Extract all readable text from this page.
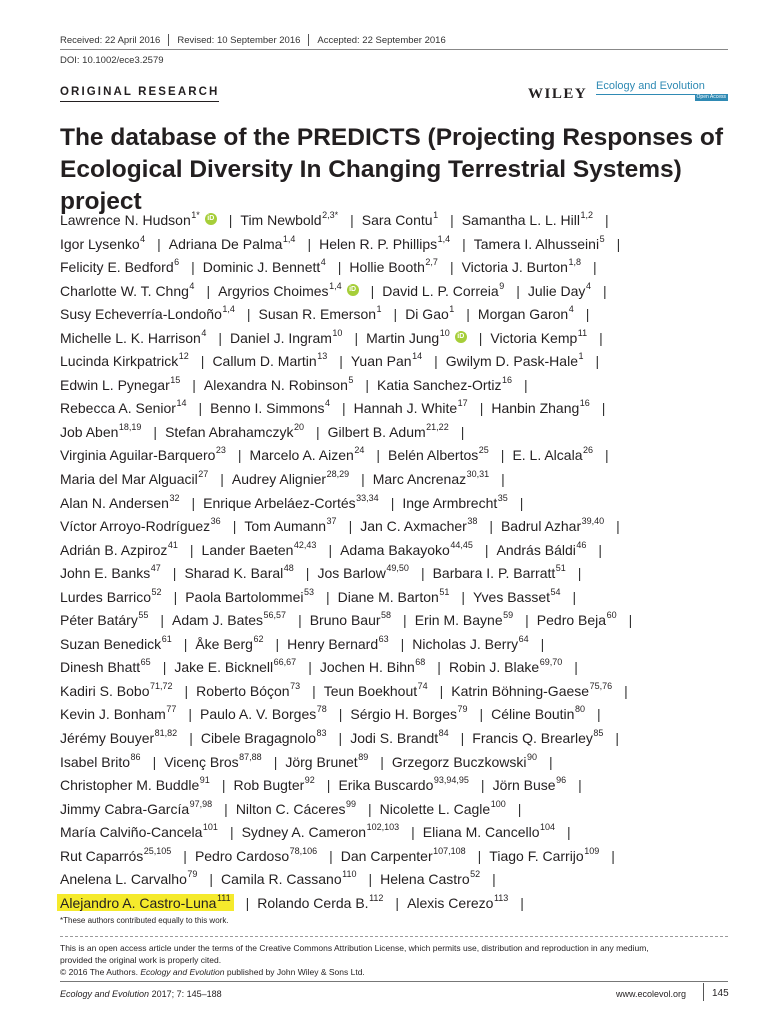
Received: 22 April 2016	Revised: 10 September 2016	Accepted: 22 September 2016
DOI: 10.1002/ece3.2579
ORIGINAL RESEARCH	WILEY Ecology and Evolution
Open Access
The database of the PREDICTS (Projecting Responses of Ecological Diversity In Changing Terrestrial Systems) project
Lawrence N. Hudson$^{1*}$ iD | Tim Newbold$^{2,3*}$ | Sara Contu$^1$ | Samantha L. L. Hill$^{1,2}$ |
Igor Lysenko$^4$ | Adriana De Palma$^{1,4}$ | Helen R. P. Phillips$^{1,4}$ | Tamera I. Alhusseini$^5$ |
Felicity E. Bedford$^6$ | Dominic J. Bennett$^4$ | Hollie Booth$^{2,7}$ | Victoria J. Burton$^{1,8}$ |
Charlotte W. T. Chng$^4$ | Argyrios Choimes$^{1,4}$ iD | David L. P. Correia$^9$ | Julie Day$^4$ |
Susy Echeverría-Londoño$^{1,4}$ | Susan R. Emerson$^1$ | Di Gao$^1$ | Morgan Garon$^4$ |
Michelle L. K. Harrison$^4$ | Daniel J. Ingram$^{10}$ | Martin Jung$^{10}$ iD | Victoria Kemp$^{11}$ |
Lucinda Kirkpatrick$^{12}$ | Callum D. Martin$^{13}$ | Yuan Pan$^{14}$ | Gwilym D. Pask-Hale$^1$ |
Edwin L. Pynegar$^{15}$ | Alexandra N. Robinson$^5$ | Katia Sanchez-Ortiz$^{16}$ |
Rebecca A. Senior$^{14}$ | Benno I. Simmons$^4$ | Hannah J. White$^{17}$ | Hanbin Zhang$^{16}$ |
Job Aben$^{18,19}$ | Stefan Abrahamczyk$^{20}$ | Gilbert B. Adum$^{21,22}$ |
Virginia Aguilar-Barquero$^{23}$ | Marcelo A. Aizen$^{24}$ | Belén Albertos$^{25}$ | E. L. Alcala$^{26}$ |
Maria del Mar Alguacil$^{27}$ | Audrey Alignier$^{28,29}$ | Marc Ancrenaz$^{30,31}$ |
Alan N. Andersen$^{32}$ | Enrique Arbeláez-Cortés$^{33,34}$ | Inge Armbrecht$^{35}$ |
Víctor Arroyo-Rodríguez$^{36}$ | Tom Aumann$^{37}$ | Jan C. Axmacher$^{38}$ | Badrul Azhar$^{39,40}$ |
Adrián B. Azpiroz$^{41}$ | Lander Baeten$^{42,43}$ | Adama Bakayoko$^{44,45}$ | András Báldi$^{46}$ |
John E. Banks$^{47}$ | Sharad K. Baral$^{48}$ | Jos Barlow$^{49,50}$ | Barbara I. P. Barratt$^{51}$ |
Lurdes Barrico$^{52}$ | Paola Bartolommei$^{53}$ | Diane M. Barton$^{51}$ | Yves Basset$^{54}$ |
Péter Batáry$^{55}$ | Adam J. Bates$^{56,57}$ | Bruno Baur$^{58}$ | Erin M. Bayne$^{59}$ | Pedro Beja$^{60}$ |
Suzan Benedick$^{61}$ | Åke Berg$^{62}$ | Henry Bernard$^{63}$ | Nicholas J. Berry$^{64}$ |
Dinesh Bhatt$^{65}$ | Jake E. Bicknell$^{66,67}$ | Jochen H. Bihn$^{68}$ | Robin J. Blake$^{69,70}$ |
Kadiri S. Bobo$^{71,72}$ | Roberto Bóçon$^{73}$ | Teun Boekhout$^{74}$ | Katrin Böhning-Gaese$^{75,76}$ |
Kevin J. Bonham$^{77}$ | Paulo A. V. Borges$^{78}$ | Sérgio H. Borges$^{79}$ | Céline Boutin$^{80}$ |
Jérémy Bouyer$^{81,82}$ | Cibele Bragagnolo$^{83}$ | Jodi S. Brandt$^{84}$ | Francis Q. Brearley$^{85}$ |
Isabel Brito$^{86}$ | Vicenç Bros$^{87,88}$ | Jörg Brunet$^{89}$ | Grzegorz Buczkowski$^{90}$ |
Christopher M. Buddle$^{91}$ | Rob Bugter$^{92}$ | Erika Buscardo$^{93,94,95}$ | Jörn Buse$^{96}$ |
Jimmy Cabra-García$^{97,98}$ | Nilton C. Cáceres$^{99}$ | Nicolette L. Cagle$^{100}$ |
María Calviño-Cancela$^{101}$ | Sydney A. Cameron$^{102,103}$ | Eliana M. Cancello$^{104}$ |
Rut Caparrós$^{25,105}$ | Pedro Cardoso$^{78,106}$ | Dan Carpenter$^{107,108}$ | Tiago F. Carrijo$^{109}$ |
Anelena L. Carvalho$^{79}$ | Camila R. Cassano$^{110}$ | Helena Castro$^{52}$ |
Alejandro A. Castro-Luna$^{111}$ | Rolando Cerda B.$^{112}$ | Alexis Cerezo$^{113}$ |
*These authors contributed equally to this work.
This is an open access article under the terms of the Creative Commons Attribution License, which permits use, distribution and reproduction in any medium,
provided the original work is properly cited.
© 2016 The Authors. Ecology and Evolution published by John Wiley & Sons Ltd.
Ecology and Evolution 2017; 7: 145–188	www.ecolevol.org	145
